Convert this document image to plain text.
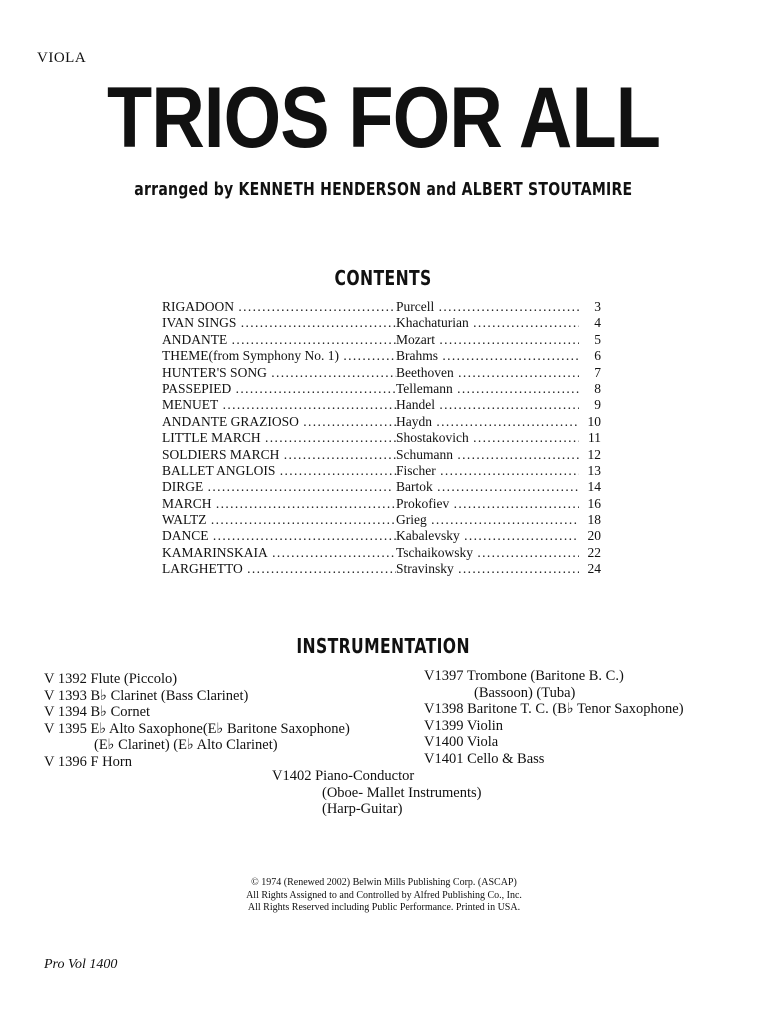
VIOLA
TRIOS FOR ALL
arranged by KENNETH HENDERSON and ALBERT STOUTAMIRE
CONTENTS
RIGADOON . . .	Purcell . . .	3
IVAN SINGS . . .	Khachaturian . . .	4
ANDANTE . . .	Mozart . . .	5
THEME(from Symphony No. 1) . . .	Brahms . . .	6
HUNTER'S SONG . . .	Beethoven . . .	7
PASSEPIED . . .	Tellemann . . .	8
MENUET . . .	Handel . . .	9
ANDANTE GRAZIOSO . . .	Haydn . . .	10
LITTLE MARCH . . .	Shostakovich . . .	11
SOLDIERS MARCH . . .	Schumann . . .	12
BALLET ANGLOIS . . .	Fischer . . .	13
DIRGE . . .	Bartok . . .	14
MARCH . . .	Prokofiev . . .	16
WALTZ . . .	Grieg . . .	18
DANCE . . .	Kabalevsky . . .	20
KAMARINSKAIA . . .	Tschaikowsky . . .	22
LARGHETTO . . .	Stravinsky . . .	24
INSTRUMENTATION
V 1392 Flute (Piccolo)
V 1393 B♭ Clarinet (Bass Clarinet)
V 1394 B♭ Cornet
V 1395 E♭ Alto Saxophone(E♭ Baritone Saxophone)
(E♭ Clarinet) (E♭ Alto Clarinet)
V 1396 F Horn
V1397 Trombone (Baritone B. C.)
(Bassoon) (Tuba)
V1398 Baritone T. C. (B♭ Tenor Saxophone)
V1399 Violin
V1400 Viola
V1401 Cello & Bass
V1402 Piano-Conductor
(Oboe- Mallet Instruments)
(Harp-Guitar)
© 1974 (Renewed 2002) Belwin Mills Publishing Corp. (ASCAP)
All Rights Assigned to and Controlled by Alfred Publishing Co., Inc.
All Rights Reserved including Public Performance. Printed in USA.
Pro Vol 1400
